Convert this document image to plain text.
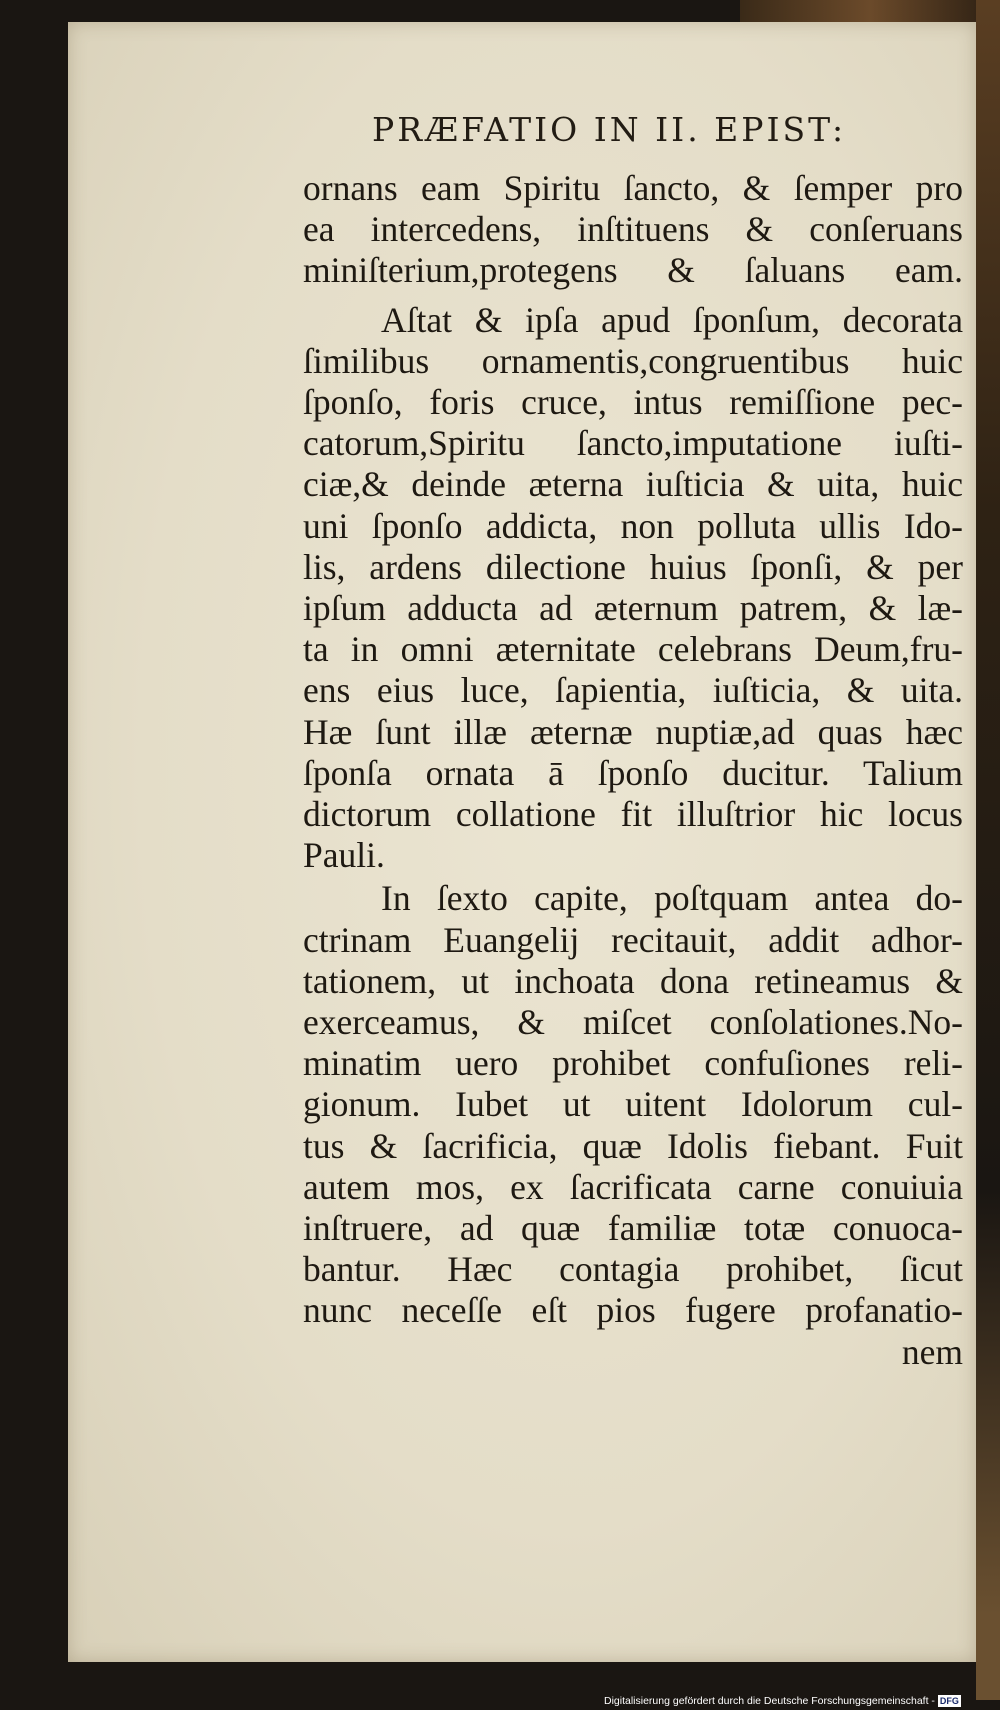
PRÆFATIO IN II. EPIST:
ornans eam Spiritu ſancto, & ſemper pro
ea intercedens, inſtituens & conſeruans
miniſterium,protegens & ſaluans eam.
Aſtat & ipſa apud ſponſum, decorata
ſimilibus ornamentis,congruentibus huic
ſponſo, foris cruce, intus remiſſione pec-
catorum,Spiritu ſancto,imputatione iuſti-
ciæ,& deinde æterna iuſticia & uita, huic
uni ſponſo addicta, non polluta ullis Ido-
lis, ardens dilectione huius ſponſi, & per
ipſum adducta ad æternum patrem, & læ-
ta in omni æternitate celebrans Deum,fru-
ens eius luce, ſapientia, iuſticia, & uita.
Hæ ſunt illæ æternæ nuptiæ,ad quas hæc
ſponſa ornata ā ſponſo ducitur. Talium
dictorum collatione fit illuſtrior hic locus
Pauli.
In ſexto capite, poſtquam antea do-
ctrinam Euangelij recitauit, addit adhor-
tationem, ut inchoata dona retineamus &
exerceamus, & miſcet conſolationes.No-
minatim uero prohibet confuſiones reli-
gionum. Iubet ut uitent Idolorum cul-
tus & ſacrificia, quæ Idolis fiebant. Fuit
autem mos, ex ſacrificata carne conuiuia
inſtruere, ad quæ familiæ totæ conuoca-
bantur. Hæc contagia prohibet, ſicut
nunc neceſſe eſt pios fugere profanatio-
nem
Digitalisierung gefördert durch die Deutsche Forschungsgemeinschaft - DFG
